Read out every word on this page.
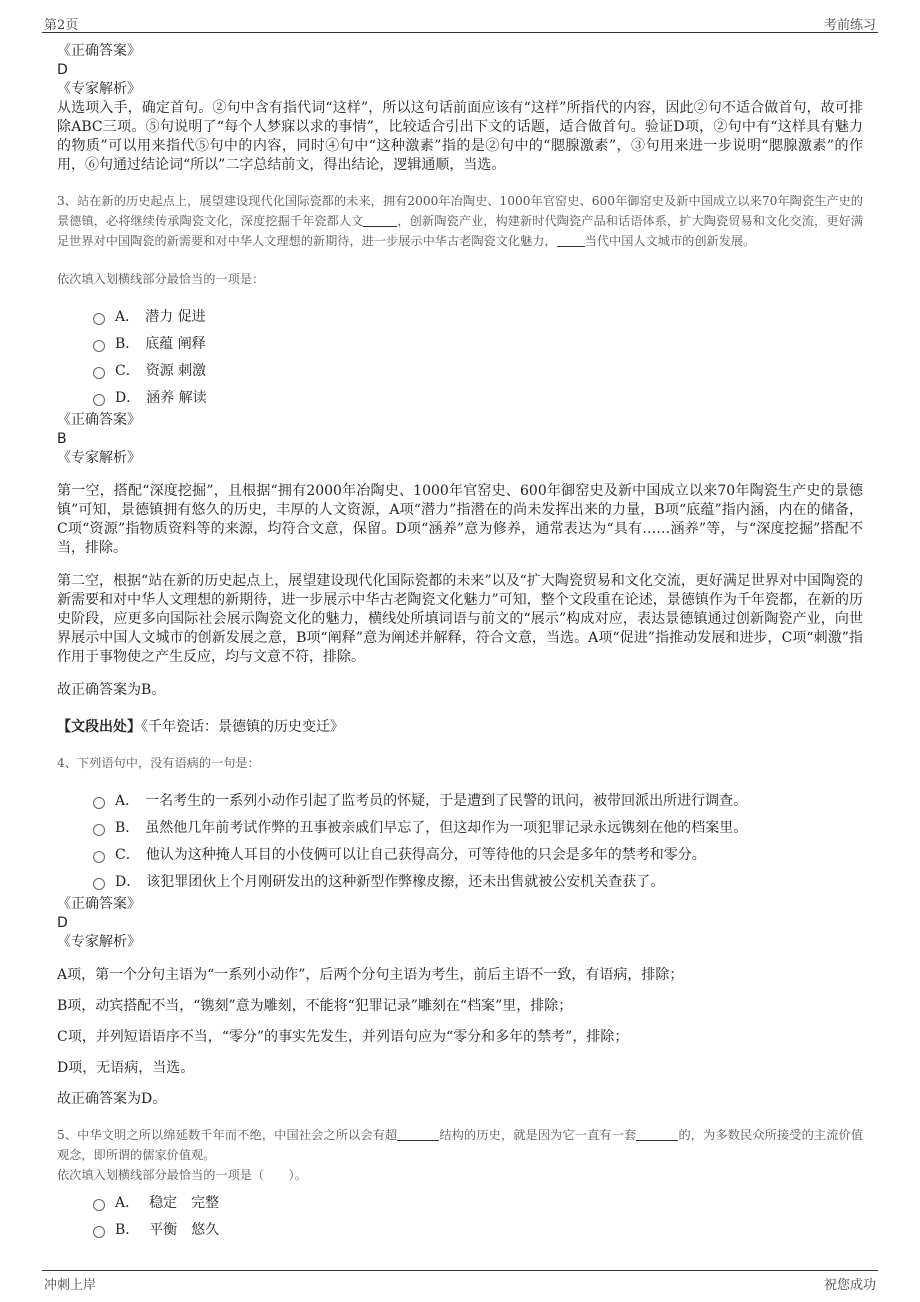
第2页	考前练习
《正确答案》
D
《专家解析》

从选项入手，确定首句。②句中含有指代词“这样”，所以这句话前面应该有“这样”所指代的内容，因此②句不适合做首句，故可排除ABC三项。⑤句说明了“每个人梦寐以求的事情”，比较适合引出下文的话题，适合做首句。验证D项，②句中有“这样具有魅力的物质”可以用来指代⑤句中的内容，同时④句中“这种激素”指的是②句中的“腮腺激素”，③句用来进一步说明“腮腺激素”的作用，⑥句通过结论词“所以”二字总结前文，得出结论，逻辑通顺，当选。

3、站在新的历史起点上，展望建设现代化国际瓷都的未来，拥有2000年冶陶史、1000年官窑史、600年御窑史及新中国成立以来70年陶瓷生产史的景德镇，必将继续传承陶瓷文化，深度挖掘千年瓷都人文	，创新陶瓷产业，构建新时代陶瓷产品和话语体系，扩大陶瓷贸易和文化交流，更好满足世界对中国陶瓷的新需要和对中华人文理想的新期待，进一步展示中华古老陶瓷文化魅力， 当代中国人文城市的创新发展。

依次填入划横线部分最恰当的一项是：

A． 潜力 促进
B． 底蕴 阐释
C． 资源 刺激
D． 涵养 解读
《正确答案》
B
《专家解析》

第一空，搭配“深度挖掘”，且根据“拥有2000年冶陶史、1000年官窑史、600年御窑史及新中国成立以来70年陶瓷生产史的景德镇”可知，景德镇拥有悠久的历史，丰厚的人文资源，A项“潜力”指潜在的尚未发挥出来的力量，B项“底蕴”指内涵，内在的储备，C项“资源”指物质资料等的来源，均符合文意，保留。D项“涵养”意为修养，通常表达为“具有……涵养”等，与“深度挖掘”搭配不当，排除。

第二空，根据“站在新的历史起点上，展望建设现代化国际瓷都的未来”以及“扩大陶瓷贸易和文化交流，更好满足世界对中国陶瓷的新需要和对中华人文理想的新期待，进一步展示中华古老陶瓷文化魅力”可知，整个文段重在论述，景德镇作为千年瓷都，在新的历史阶段，应更多向国际社会展示陶瓷文化的魅力，横线处所填词语与前文的“展示”构成对应，表达景德镇通过创新陶瓷产业，向世界展示中国人文城市的创新发展之意，B项“阐释”意为阐述并解释，符合文意，当选。A项“促进”指推动发展和进步，C项“刺激”指作用于事物使之产生反应，均与文意不符，排除。

故正确答案为B。

【文段出处】《千年瓷话：景德镇的历史变迁》

4、下列语句中，没有语病的一句是：

A． 一名考生的一系列小动作引起了监考员的怀疑，于是遭到了民警的讯问，被带回派出所进行调查。
B． 虽然他几年前考试作弊的丑事被亲戚们早忘了，但这却作为一项犯罪记录永远镌刻在他的档案里。
C． 他认为这种掩人耳目的小伎俩可以让自己获得高分，可等待他的只会是多年的禁考和零分。
D． 该犯罪团伙上个月刚研发出的这种新型作弊橡皮擦，还未出售就被公安机关查获了。
《正确答案》
D
《专家解析》

A项，第一个分句主语为“一系列小动作”，后两个分句主语为考生，前后主语不一致，有语病，排除；

B项，动宾搭配不当，“镌刻”意为雕刻，不能将“犯罪记录”雕刻在“档案”里，排除；

C项，并列短语语序不当，“零分”的事实先发生，并列语句应为“零分和多年的禁考”，排除；

D项，无语病，当选。

故正确答案为D。

5、中华文明之所以绵延数千年而不绝，中国社会之所以会有超	结构的历史，就是因为它一直有一套	的，为多数民众所接受的主流价值观念，即所谓的儒家价值观。

依次填入划横线部分最恰当的一项是（　　）。

A． 稳定　完整
B． 平衡　悠久
冲刺上岸	祝您成功
